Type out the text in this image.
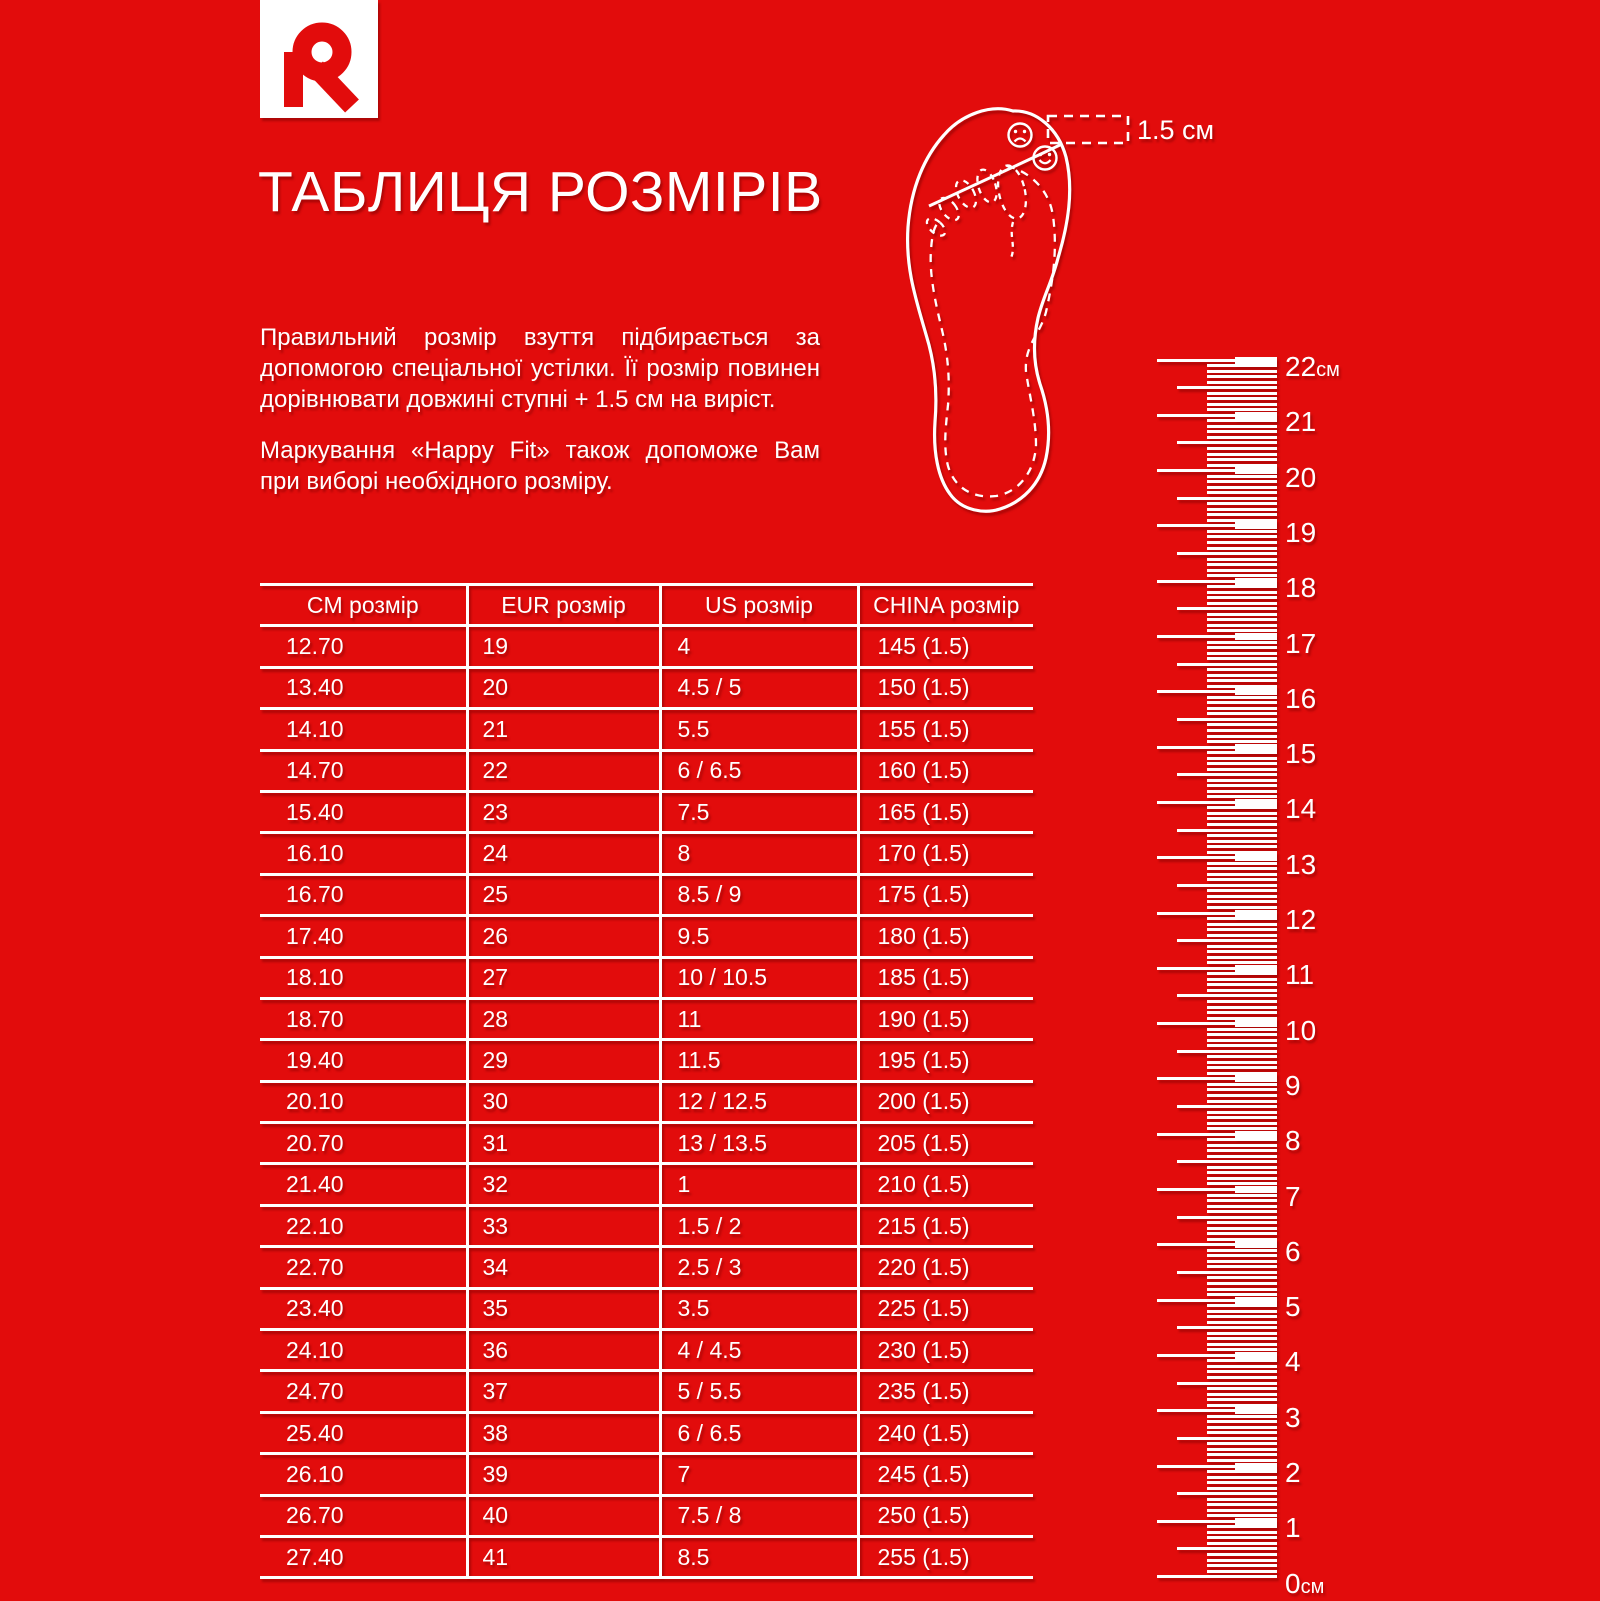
ТАБЛИЦЯ РОЗМІРІВ
Правильний розмір взуття підбирається за допомогою спеціальної устілки. Її розмір повинен дорівнювати довжині ступні + 1.5 см на виріст.
Маркування «Happy Fit» також допоможе Вам при виборі необхідного розміру.
1.5 см
CM розмір	EUR розмір	US розмір	CHINA розмір
12.70	19	4	145 (1.5)
13.40	20	4.5 / 5	150 (1.5)
14.10	21	5.5	155 (1.5)
14.70	22	6 / 6.5	160 (1.5)
15.40	23	7.5	165 (1.5)
16.10	24	8	170 (1.5)
16.70	25	8.5 / 9	175 (1.5)
17.40	26	9.5	180 (1.5)
18.10	27	10 / 10.5	185 (1.5)
18.70	28	11	190 (1.5)
19.40	29	11.5	195 (1.5)
20.10	30	12 / 12.5	200 (1.5)
20.70	31	13 / 13.5	205 (1.5)
21.40	32	1	210 (1.5)
22.10	33	1.5 / 2	215 (1.5)
22.70	34	2.5 / 3	220 (1.5)
23.40	35	3.5	225 (1.5)
24.10	36	4 / 4.5	230 (1.5)
24.70	37	5 / 5.5	235 (1.5)
25.40	38	6 / 6.5	240 (1.5)
26.10	39	7	245 (1.5)
26.70	40	7.5 / 8	250 (1.5)
27.40	41	8.5	255 (1.5)
22см
21
20
19
18
17
16
15
14
13
12
11
10
9
8
7
6
5
4
3
2
1
0см
